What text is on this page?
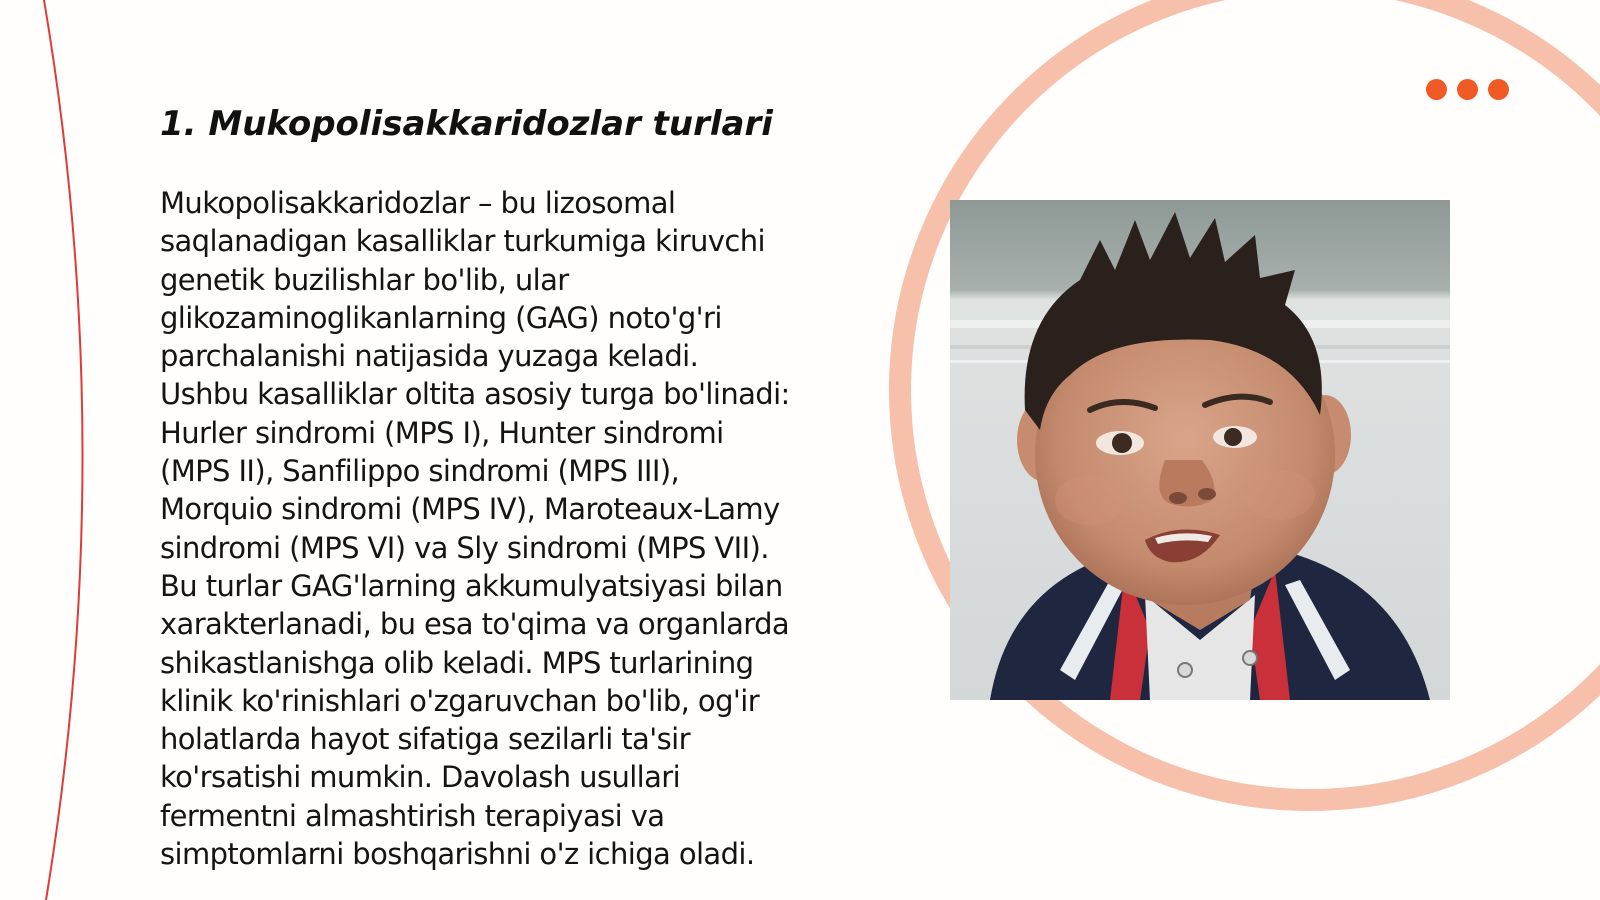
1. Mukopolisakkaridozlar turlari
Mukopolisakkaridozlar – bu lizosomal
saqlanadigan kasalliklar turkumiga kiruvchi
genetik buzilishlar bo'lib, ular
glikozaminoglikanlarning (GAG) noto'g'ri
parchalanishi natijasida yuzaga keladi.
Ushbu kasalliklar oltita asosiy turga bo'linadi:
Hurler sindromi (MPS I), Hunter sindromi
(MPS II), Sanfilippo sindromi (MPS III),
Morquio sindromi (MPS IV), Maroteaux-Lamy
sindromi (MPS VI) va Sly sindromi (MPS VII).
Bu turlar GAG'larning akkumulyatsiyasi bilan
xarakterlanadi, bu esa to'qima va organlarda
shikastlanishga olib keladi. MPS turlarining
klinik ko'rinishlari o'zgaruvchan bo'lib, og'ir
holatlarda hayot sifatiga sezilarli ta'sir
ko'rsatishi mumkin. Davolash usullari
fermentni almashtirish terapiyasi va
simptomlarni boshqarishni o'z ichiga oladi.
